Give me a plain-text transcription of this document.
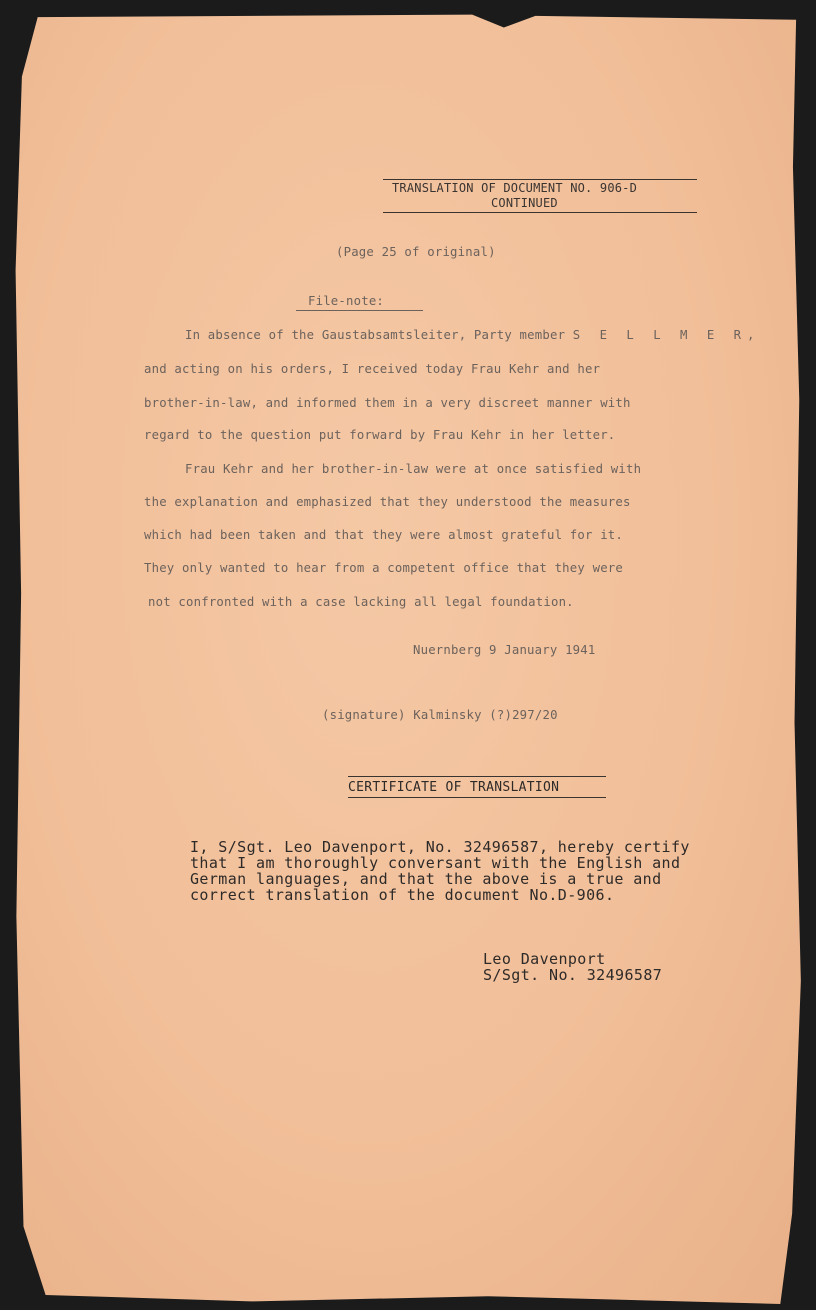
TRANSLATION OF DOCUMENT NO. 906-D
CONTINUED
(Page 25 of original)
File-note:
In absence of the Gaustabsamtsleiter, Party member S E L L M E R,
and acting on his orders, I received today Frau Kehr and her
brother-in-law, and informed them in a very discreet manner with
regard to the question put forward by Frau Kehr in her letter.
Frau Kehr and her brother-in-law were at once satisfied with
the explanation and emphasized that they understood the measures
which had been taken and that they were almost grateful for it.
They only wanted to hear from a competent office that they were
not confronted with a case lacking all legal foundation.
Nuernberg 9 January 1941
(signature) Kalminsky (?)297/20
CERTIFICATE OF TRANSLATION
I, S/Sgt. Leo Davenport, No. 32496587, hereby certify
that I am thoroughly conversant with the English and
German languages, and that the above is a true and
correct translation of the document No.D-906.
Leo Davenport
S/Sgt. No. 32496587
